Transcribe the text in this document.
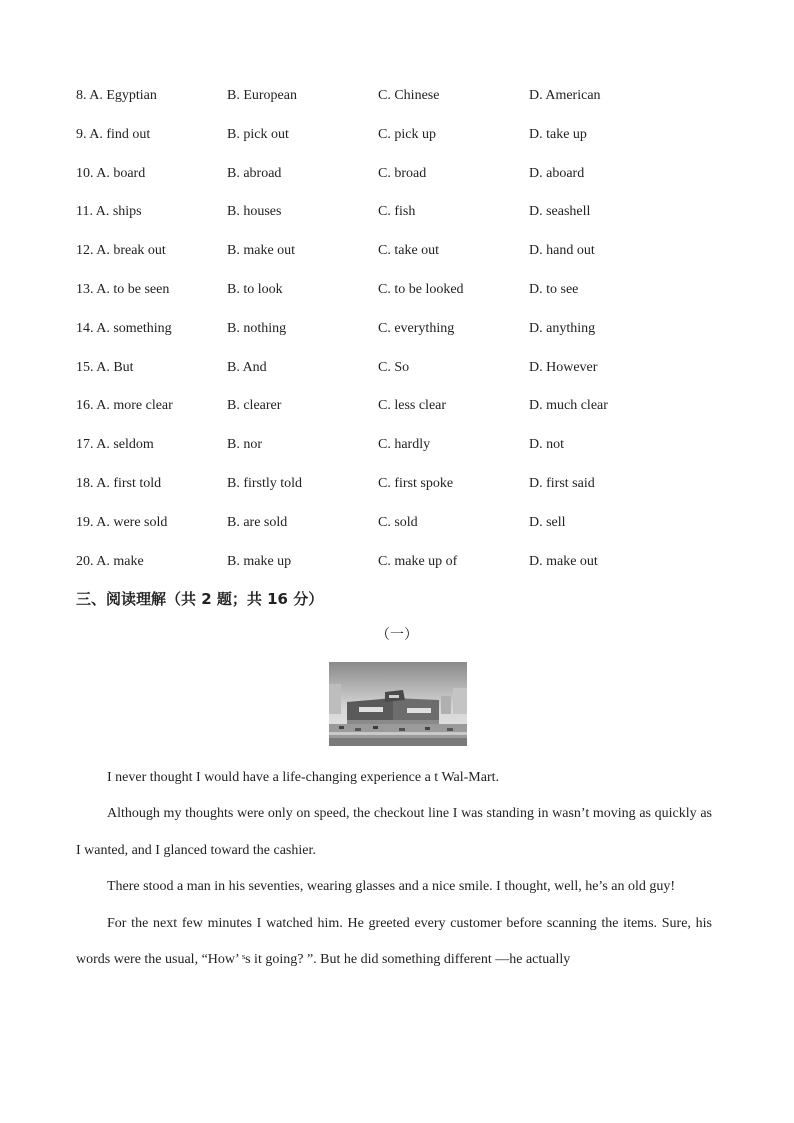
8. A. Egyptian	B. European	C. Chinese	D. American
9. A. find out	B. pick out	C. pick up	D. take up
10. A. board	B. abroad	C. broad	D. aboard
11. A. ships	B. houses	C. fish	D. seashell
12. A. break out	B. make out	C. take out	D. hand out
13. A. to be seen	B. to look	C. to be looked	D. to see
14. A. something	B. nothing	C. everything	D. anything
15. A. But	B. And	C. So	D. However
16. A. more clear	B. clearer	C. less clear	D. much clear
17. A. seldom	B. nor	C. hardly	D. not
18. A. first told	B. firstly told	C. first spoke	D. first said
19. A. were sold	B. are sold	C. sold	D. sell
20. A. make	B. make up	C. make up of	D. make out
三、阅读理解（共 2 题；共 16 分）
（一）

I never thought I would have a life-changing experience a t Wal-Mart.

Although my thoughts were only on speed, the checkout line I was standing in wasn’t moving as quickly as I wanted, and I glanced toward the cashier.

There stood a man in his seventies, wearing glasses and a nice smile. I thought, well, he’s an old guy!

For the next few minutes I watched him. He greeted every customer before scanning the items. Sure, his words were the usual, “How’ ˢs it going? ”. But he did something different —he actually
